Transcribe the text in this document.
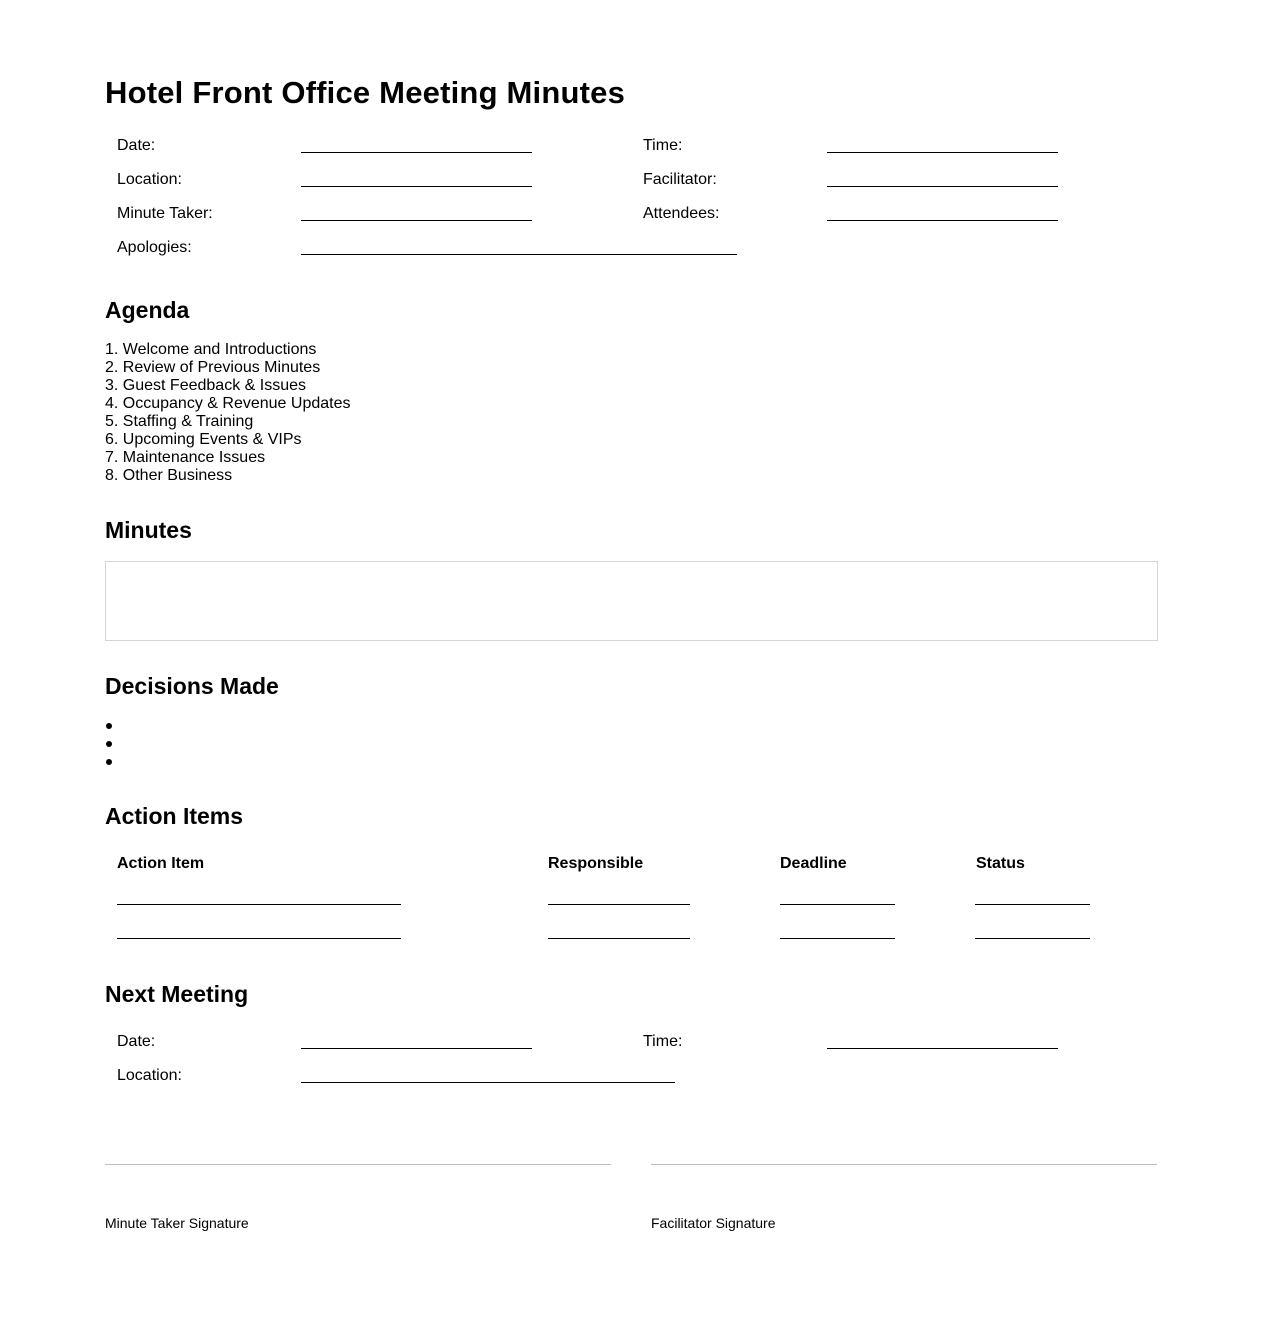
Hotel Front Office Meeting Minutes
Date:	Time:
Location:	Facilitator:
Minute Taker:	Attendees:
Apologies:
Agenda
1. Welcome and Introductions
2. Review of Previous Minutes
3. Guest Feedback & Issues
4. Occupancy & Revenue Updates
5. Staffing & Training
6. Upcoming Events & VIPs
7. Maintenance Issues
8. Other Business
Minutes
Decisions Made
Action Items
Action Item	Responsible	Deadline	Status
Next Meeting
Date:	Time:
Location:
Minute Taker Signature	Facilitator Signature
